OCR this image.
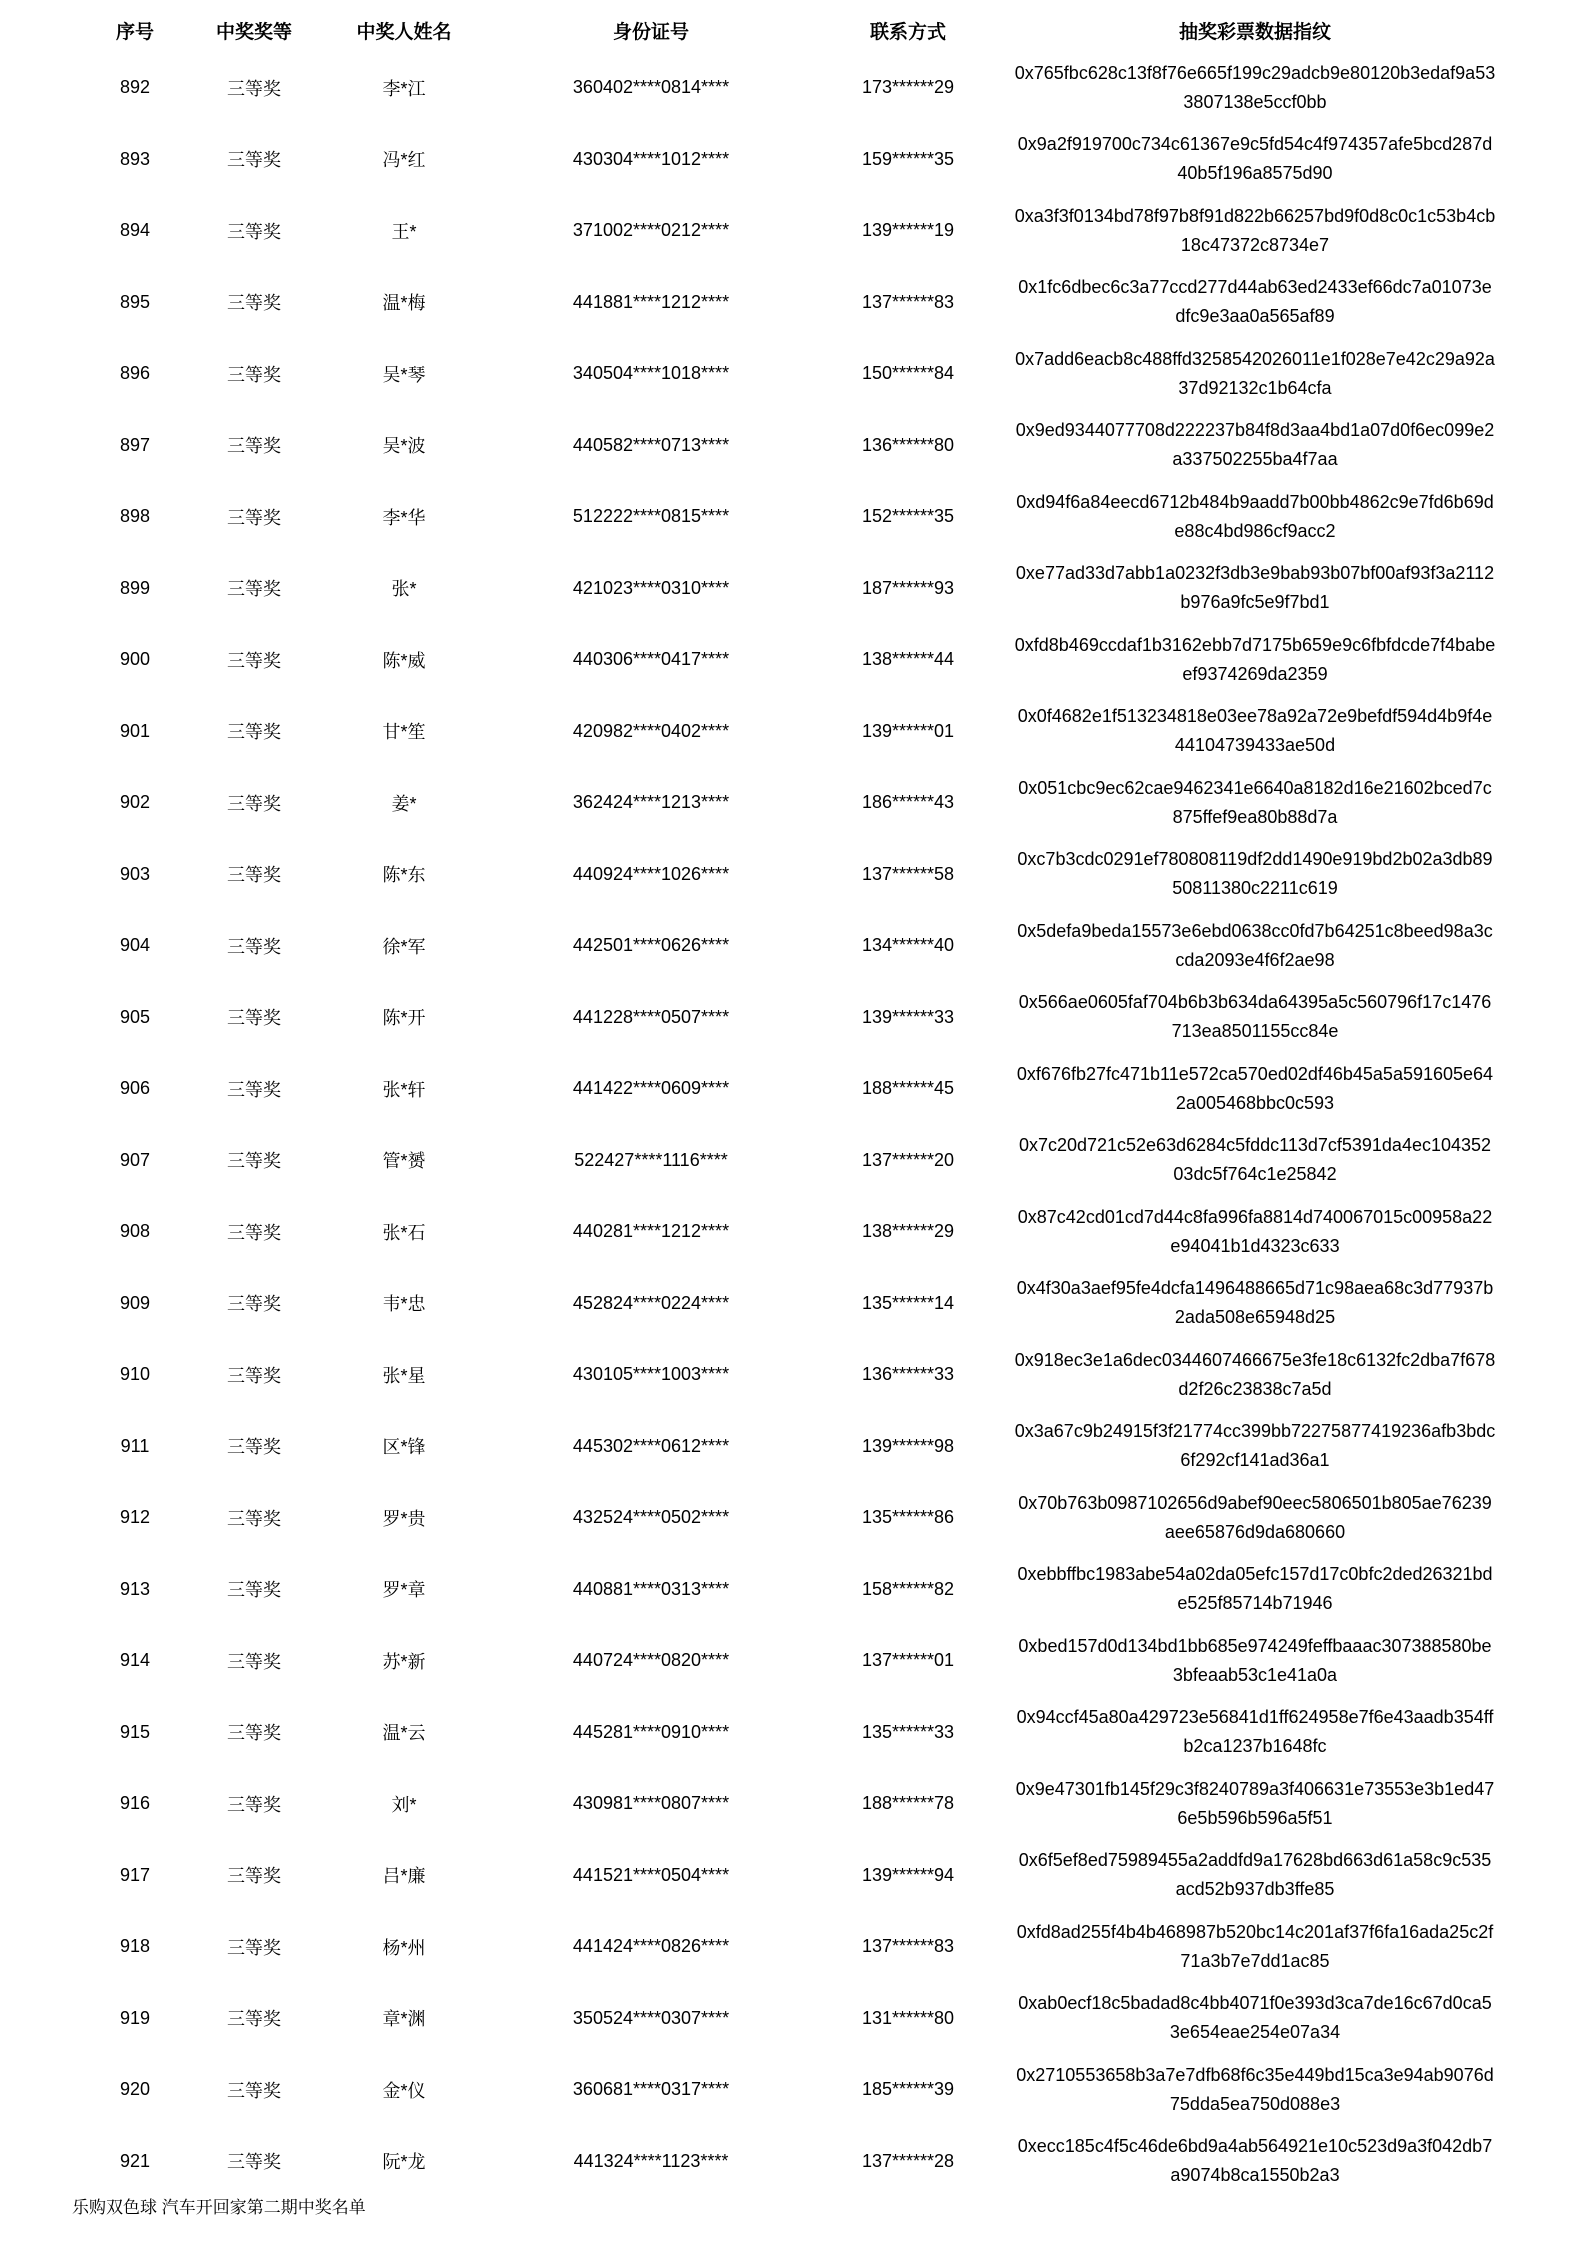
序号	中奖奖等	中奖人姓名	身份证号	联系方式	抽奖彩票数据指纹
892	三等奖	李*江	360402****0814****	173******29	0x765fbc628c13f8f76e665f199c29adcb9e80120b3edaf9a533807138e5ccf0bb

893	三等奖	冯*红	430304****1012****	159******35	0x9a2f919700c734c61367e9c5fd54c4f974357afe5bcd287d40b5f196a8575d90

894	三等奖	王*	371002****0212****	139******19	0xa3f3f0134bd78f97b8f91d822b66257bd9f0d8c0c1c53b4cb18c47372c8734e7

895	三等奖	温*梅	441881****1212****	137******83	0x1fc6dbec6c3a77ccd277d44ab63ed2433ef66dc7a01073edfc9e3aa0a565af89

896	三等奖	吴*琴	340504****1018****	150******84	0x7add6eacb8c488ffd3258542026011e1f028e7e42c29a92a37d92132c1b64cfa

897	三等奖	吴*波	440582****0713****	136******80	0x9ed9344077708d222237b84f8d3aa4bd1a07d0f6ec099e2a337502255ba4f7aa

898	三等奖	李*华	512222****0815****	152******35	0xd94f6a84eecd6712b484b9aadd7b00bb4862c9e7fd6b69de88c4bd986cf9acc2

899	三等奖	张*	421023****0310****	187******93	0xe77ad33d7abb1a0232f3db3e9bab93b07bf00af93f3a2112b976a9fc5e9f7bd1

900	三等奖	陈*威	440306****0417****	138******44	0xfd8b469ccdaf1b3162ebb7d7175b659e9c6fbfdcde7f4babeef9374269da2359

901	三等奖	甘*笙	420982****0402****	139******01	0x0f4682e1f513234818e03ee78a92a72e9befdf594d4b9f4e44104739433ae50d

902	三等奖	姜*	362424****1213****	186******43	0x051cbc9ec62cae9462341e6640a8182d16e21602bced7c875ffef9ea80b88d7a

903	三等奖	陈*东	440924****1026****	137******58	0xc7b3cdc0291ef780808119df2dd1490e919bd2b02a3db8950811380c2211c619

904	三等奖	徐*军	442501****0626****	134******40	0x5defa9beda15573e6ebd0638cc0fd7b64251c8beed98a3ccda2093e4f6f2ae98

905	三等奖	陈*开	441228****0507****	139******33	0x566ae0605faf704b6b3b634da64395a5c560796f17c1476713ea8501155cc84e

906	三等奖	张*轩	441422****0609****	188******45	0xf676fb27fc471b11e572ca570ed02df46b45a5a591605e642a005468bbc0c593

907	三等奖	管*赟	522427****1116****	137******20	0x7c20d721c52e63d6284c5fddc113d7cf5391da4ec10435203dc5f764c1e25842

908	三等奖	张*石	440281****1212****	138******29	0x87c42cd01cd7d44c8fa996fa8814d740067015c00958a22e94041b1d4323c633

909	三等奖	韦*忠	452824****0224****	135******14	0x4f30a3aef95fe4dcfa1496488665d71c98aea68c3d77937b2ada508e65948d25

910	三等奖	张*星	430105****1003****	136******33	0x918ec3e1a6dec0344607466675e3fe18c6132fc2dba7f678d2f26c23838c7a5d

911	三等奖	区*锋	445302****0612****	139******98	0x3a67c9b24915f3f21774cc399bb72275877419236afb3bdc6f292cf141ad36a1

912	三等奖	罗*贵	432524****0502****	135******86	0x70b763b0987102656d9abef90eec5806501b805ae76239aee65876d9da680660

913	三等奖	罗*章	440881****0313****	158******82	0xebbffbc1983abe54a02da05efc157d17c0bfc2ded26321bde525f85714b71946

914	三等奖	苏*新	440724****0820****	137******01	0xbed157d0d134bd1bb685e974249feffbaaac307388580be3bfeaab53c1e41a0a

915	三等奖	温*云	445281****0910****	135******33	0x94ccf45a80a429723e56841d1ff624958e7f6e43aadb354ffb2ca1237b1648fc

916	三等奖	刘*	430981****0807****	188******78	0x9e47301fb145f29c3f8240789a3f406631e73553e3b1ed476e5b596b596a5f51

917	三等奖	吕*廉	441521****0504****	139******94	0x6f5ef8ed75989455a2addfd9a17628bd663d61a58c9c535acd52b937db3ffe85

918	三等奖	杨*州	441424****0826****	137******83	0xfd8ad255f4b4b468987b520bc14c201af37f6fa16ada25c2f71a3b7e7dd1ac85

919	三等奖	章*渊	350524****0307****	131******80	0xab0ecf18c5badad8c4bb4071f0e393d3ca7de16c67d0ca53e654eae254e07a34

920	三等奖	金*仪	360681****0317****	185******39	0x2710553658b3a7e7dfb68f6c35e449bd15ca3e94ab9076d75dda5ea750d088e3

921	三等奖	阮*龙	441324****1123****	137******28	0xecc185c4f5c46de6bd9a4ab564921e10c523d9a3f042db7a9074b8ca1550b2a3
乐购双色球 汽车开回家第二期中奖名单
